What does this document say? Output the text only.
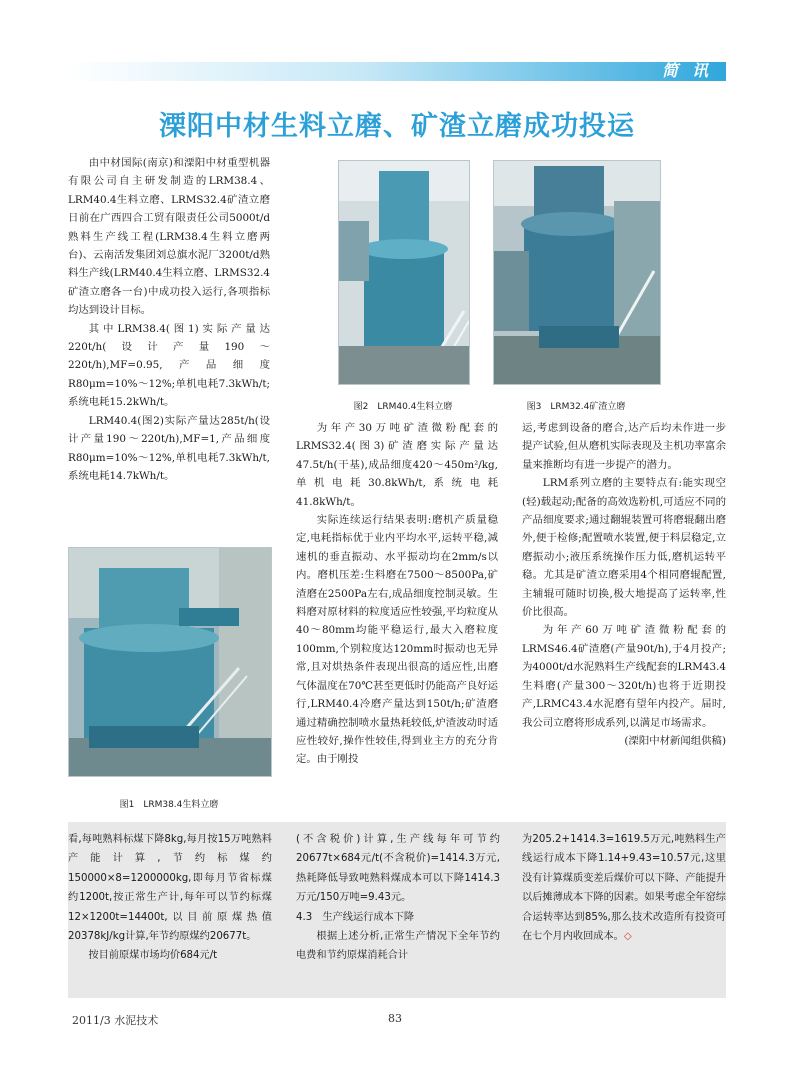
简讯
溧阳中材生料立磨、矿渣立磨成功投运

由中材国际(南京)和溧阳中材重型机器有限公司自主研发制造的LRM38.4、LRM40.4生料立磨、LRMS32.4矿渣立磨日前在广西四合工贸有限责任公司5000t/d熟料生产线工程(LRM38.4生料立磨两台)、云南活发集团刘总旗水泥厂3200t/d熟料生产线(LRM40.4生料立磨、LRMS32.4矿渣立磨各一台)中成功投入运行,各项指标均达到设计目标。

其中LRM38.4(图1)实际产量达220t/h(设计产量190～220t/h),MF=0.95,产品细度R80μm=10%～12%;单机电耗7.3kWh/t;系统电耗15.2kWh/t。

LRM40.4(图2)实际产量达285t/h(设计产量190～220t/h),MF=1,产品细度R80μm=10%～12%,单机电耗7.3kWh/t,系统电耗14.7kWh/t。

图1　LRM38.4生料立磨
图2　LRM40.4生料立磨	图3　LRM32.4矿渣立磨

为年产30万吨矿渣微粉配套的LRMS32.4(图3)矿渣磨实际产量达47.5t/h(干基),成品细度420～450m²/kg,单机电耗30.8kWh/t,系统电耗41.8kWh/t。

实际连续运行结果表明:磨机产质量稳定,电耗指标优于业内平均水平,运转平稳,减速机的垂直振动、水平振动均在2mm/s以内。磨机压差:生料磨在7500～8500Pa,矿渣磨在2500Pa左右,成品细度控制灵敏。生料磨对原材料的粒度适应性较强,平均粒度从40～80mm均能平稳运行,最大入磨粒度100mm,个别粒度达120mm时振动也无异常,且对烘热条件表现出很高的适应性,出磨气体温度在70℃甚至更低时仍能高产良好运行,LRM40.4冷磨产量达到150t/h;矿渣磨通过精确控制喷水量热耗较低,炉渣波动时适应性较好,操作性较佳,得到业主方的充分肯定。由于刚投

运,考虑到设备的磨合,达产后均未作进一步提产试验,但从磨机实际表现及主机功率富余量来推断均有进一步提产的潜力。

LRM系列立磨的主要特点有:能实现空(轻)载起动;配备的高效选粉机,可适应不同的产品细度要求;通过翻辊装置可将磨辊翻出磨外,便于检修;配置喷水装置,便于料层稳定,立磨振动小;液压系统操作压力低,磨机运转平稳。尤其是矿渣立磨采用4个相同磨辊配置,主辅辊可随时切换,极大地提高了运转率,性价比很高。

为年产60万吨矿渣微粉配套的LRMS46.4矿渣磨(产量90t/h),于4月投产;为4000t/d水泥熟料生产线配套的LRM43.4生料磨(产量300～320t/h)也将于近期投产,LRMC43.4水泥磨有望年内投产。届时,我公司立磨将形成系列,以满足市场需求。

(溧阳中材新闻组供稿)

看,每吨熟料标煤下降8kg,每月按15万吨熟料产能计算,节约标煤约150000×8=1200000kg,即每月节省标煤约1200t,按正常生产计,每年可以节约标煤12×1200t=14400t,以目前原煤热值20378kJ/kg计算,年节约原煤约20677t。

按目前原煤市场均价684元/t

(不含税价)计算,生产线每年可节约20677t×684元/t(不含税价)=1414.3万元,热耗降低导致吨熟料煤成本可以下降1414.3万元/150万吨=9.43元。

4.3　生产线运行成本下降

根据上述分析,正常生产情况下全年节约电费和节约原煤消耗合计

为205.2+1414.3=1619.5万元,吨熟料生产线运行成本下降1.14+9.43=10.57元,这里没有计算煤质变差后煤价可以下降、产能提升以后摊薄成本下降的因素。如果考虑全年窑综合运转率达到85%,那么技术改造所有投资可在七个月内收回成本。◇

2011/3 水泥技术	83
